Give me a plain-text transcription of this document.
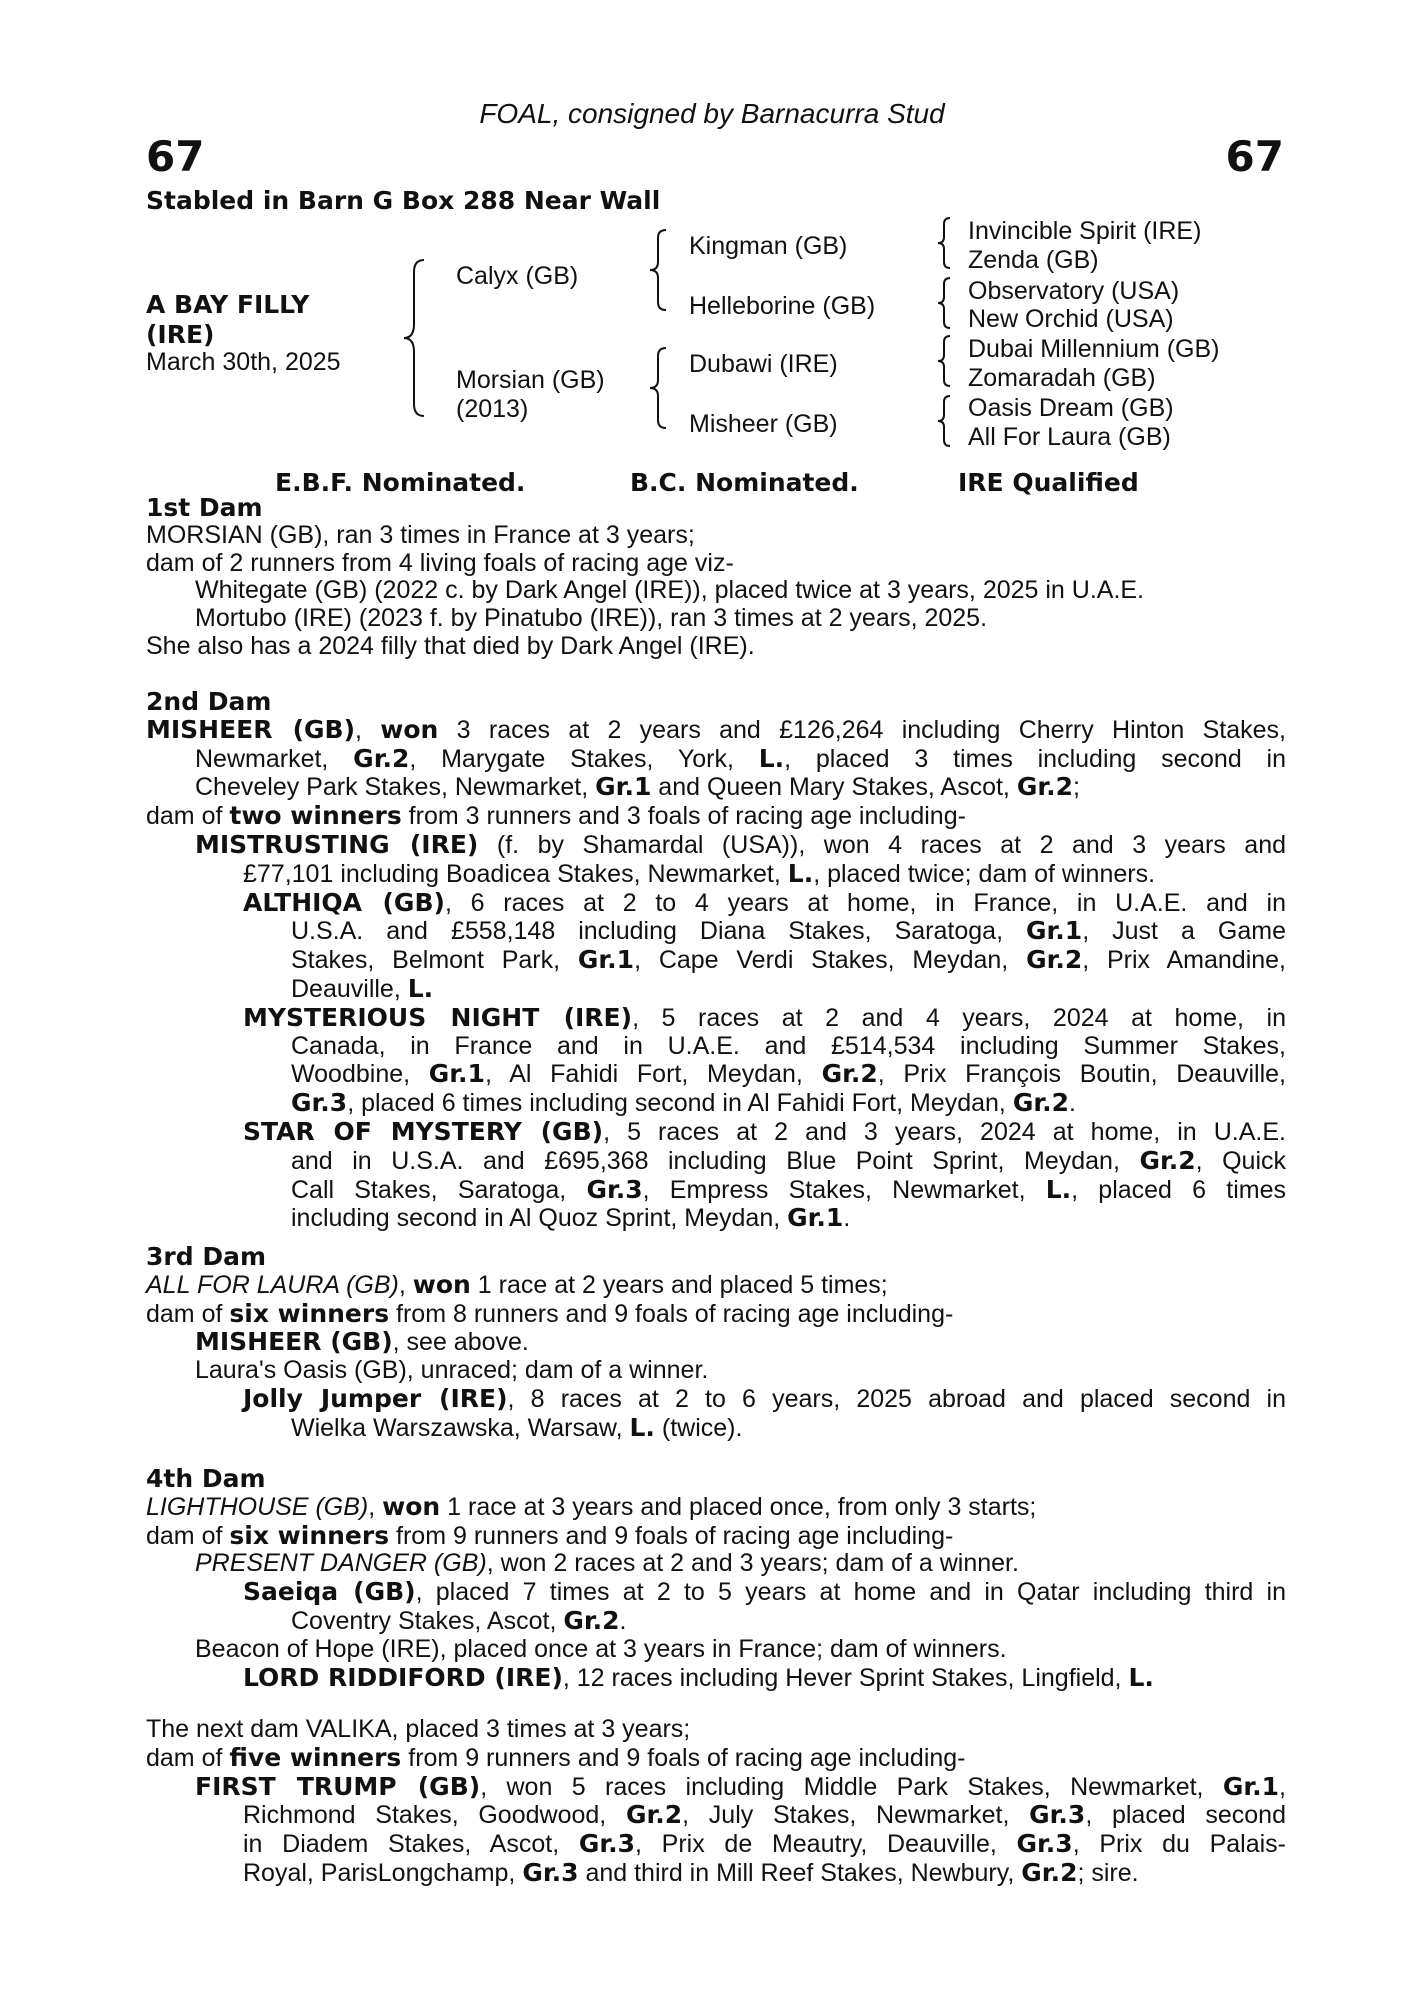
FOAL, consigned by Barnacurra Stud
67	67
Stabled in Barn G Box 288 Near Wall
A BAY FILLY
(IRE)
March 30th, 2025
Calyx (GB)
Morsian (GB)
(2013)
Kingman (GB)
Helleborine (GB)
Dubawi (IRE)
Misheer (GB)
Invincible Spirit (IRE)
Zenda (GB)
Observatory (USA)
New Orchid (USA)
Dubai Millennium (GB)
Zomaradah (GB)
Oasis Dream (GB)
All For Laura (GB)
E.B.F. Nominated.	B.C. Nominated.	IRE Qualified
1st Dam
MORSIAN (GB), ran 3 times in France at 3 years;
dam of 2 runners from 4 living foals of racing age viz-
Whitegate (GB) (2022 c. by Dark Angel (IRE)), placed twice at 3 years, 2025 in U.A.E.
Mortubo (IRE) (2023 f. by Pinatubo (IRE)), ran 3 times at 2 years, 2025.
She also has a 2024 filly that died by Dark Angel (IRE).
2nd Dam
MISHEER (GB), won 3 races at 2 years and £126,264 including Cherry Hinton Stakes,
Newmarket, Gr.2, Marygate Stakes, York, L., placed 3 times including second in
Cheveley Park Stakes, Newmarket, Gr.1 and Queen Mary Stakes, Ascot, Gr.2;
dam of two winners from 3 runners and 3 foals of racing age including-
MISTRUSTING (IRE) (f. by Shamardal (USA)), won 4 races at 2 and 3 years and
£77,101 including Boadicea Stakes, Newmarket, L., placed twice; dam of winners.
ALTHIQA (GB), 6 races at 2 to 4 years at home, in France, in U.A.E. and in
U.S.A. and £558,148 including Diana Stakes, Saratoga, Gr.1, Just a Game
Stakes, Belmont Park, Gr.1, Cape Verdi Stakes, Meydan, Gr.2, Prix Amandine,
Deauville, L.
MYSTERIOUS NIGHT (IRE), 5 races at 2 and 4 years, 2024 at home, in
Canada, in France and in U.A.E. and £514,534 including Summer Stakes,
Woodbine, Gr.1, Al Fahidi Fort, Meydan, Gr.2, Prix François Boutin, Deauville,
Gr.3, placed 6 times including second in Al Fahidi Fort, Meydan, Gr.2.
STAR OF MYSTERY (GB), 5 races at 2 and 3 years, 2024 at home, in U.A.E.
and in U.S.A. and £695,368 including Blue Point Sprint, Meydan, Gr.2, Quick
Call Stakes, Saratoga, Gr.3, Empress Stakes, Newmarket, L., placed 6 times
including second in Al Quoz Sprint, Meydan, Gr.1.
3rd Dam
ALL FOR LAURA (GB), won 1 race at 2 years and placed 5 times;
dam of six winners from 8 runners and 9 foals of racing age including-
MISHEER (GB), see above.
Laura's Oasis (GB), unraced; dam of a winner.
Jolly Jumper (IRE), 8 races at 2 to 6 years, 2025 abroad and placed second in
Wielka Warszawska, Warsaw, L. (twice).
4th Dam
LIGHTHOUSE (GB), won 1 race at 3 years and placed once, from only 3 starts;
dam of six winners from 9 runners and 9 foals of racing age including-
PRESENT DANGER (GB), won 2 races at 2 and 3 years; dam of a winner.
Saeiqa (GB), placed 7 times at 2 to 5 years at home and in Qatar including third in
Coventry Stakes, Ascot, Gr.2.
Beacon of Hope (IRE), placed once at 3 years in France; dam of winners.
LORD RIDDIFORD (IRE), 12 races including Hever Sprint Stakes, Lingfield, L.
The next dam VALIKA, placed 3 times at 3 years;
dam of five winners from 9 runners and 9 foals of racing age including-
FIRST TRUMP (GB), won 5 races including Middle Park Stakes, Newmarket, Gr.1,
Richmond Stakes, Goodwood, Gr.2, July Stakes, Newmarket, Gr.3, placed second
in Diadem Stakes, Ascot, Gr.3, Prix de Meautry, Deauville, Gr.3, Prix du Palais-
Royal, ParisLongchamp, Gr.3 and third in Mill Reef Stakes, Newbury, Gr.2; sire.
